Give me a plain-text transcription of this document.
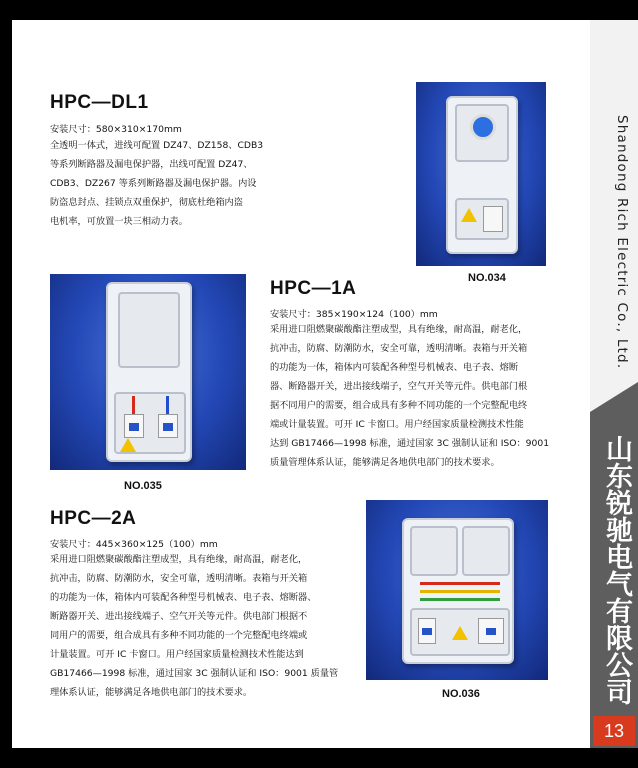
Shandong Rich Electric Co., Ltd.
山东锐驰电气有限公司
13
HPC—DL1
安装尺寸：580×310×170mm
全透明一体式，进线可配置 DZ47、DZ158、CDB3
等系列断路器及漏电保护器，出线可配置 DZ47、
CDB3、DZ267 等系列断路器及漏电保护器。内设
防盗息封点、挂锁点双重保护，彻底杜绝箱内盗
电机率，可放置一块三相动力表。
NO.034
NO.035
HPC—1A
安装尺寸：385×190×124（100）mm
采用进口阻燃聚碳酸酯注塑成型，具有绝缘，耐高温，耐老化，
抗冲击，防腐、防潮防水，安全可靠，透明清晰。表箱与开关箱
的功能为一体，箱体内可装配各种型号机械表、电子表、熔断
器、断路器开关，进出接线端子，空气开关等元件。供电部门根
据不同用户的需要，组合成具有多种不同功能的一个完整配电终
端或计量装置。可开 IC 卡窗口。用户经国家质量检测技术性能
达到 GB17466—1998 标准，通过国家 3C 强制认证和 ISO：9001
质量管理体系认证，能够满足各地供电部门的技术要求。
HPC—2A
安装尺寸：445×360×125（100）mm
采用进口阻燃聚碳酸酯注塑成型，具有绝缘，耐高温，耐老化，
抗冲击，防腐、防潮防水，安全可靠，透明清晰。表箱与开关箱
的功能为一体，箱体内可装配各种型号机械表、电子表、熔断器、
断路器开关、进出接线端子、空气开关等元件。供电部门根据不
同用户的需要，组合成具有多种不同功能的一个完整配电终端或
计量装置。可开 IC 卡窗口。用户经国家质量检测技术性能达到
GB17466—1998 标准，通过国家 3C 强制认证和 ISO：9001 质量管
理体系认证，能够满足各地供电部门的技术要求。	NO.036
